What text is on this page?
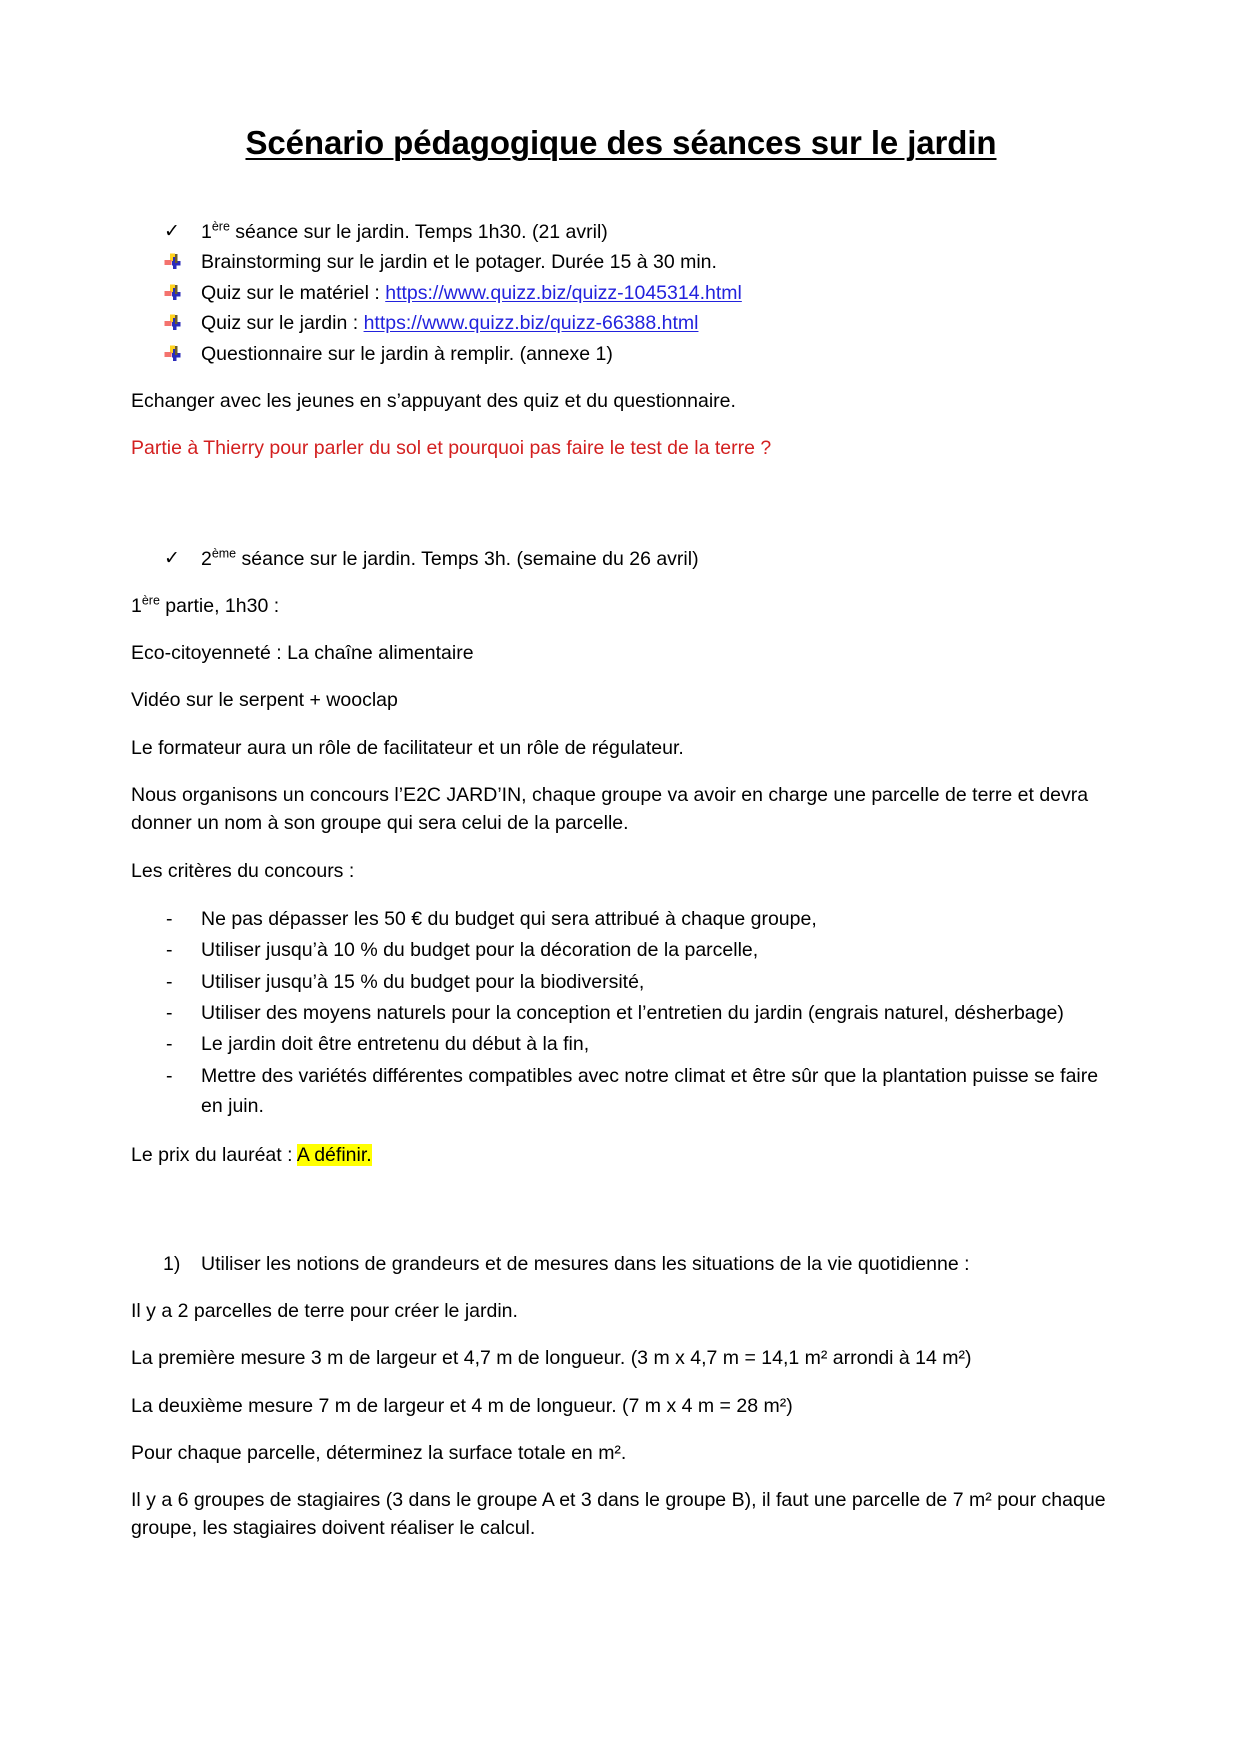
Scénario pédagogique des séances sur le jardin
✓ 1ère séance sur le jardin. Temps 1h30. (21 avril)
Brainstorming sur le jardin et le potager. Durée 15 à 30 min.
Quiz sur le matériel : https://www.quizz.biz/quizz-1045314.html
Quiz sur le jardin : https://www.quizz.biz/quizz-66388.html
Questionnaire sur le jardin à remplir. (annexe 1)

Echanger avec les jeunes en s’appuyant des quiz et du questionnaire.

Partie à Thierry pour parler du sol et pourquoi pas faire le test de la terre ?

✓ 2ème séance sur le jardin. Temps 3h. (semaine du 26 avril)

1ère partie, 1h30 :

Eco-citoyenneté : La chaîne alimentaire

Vidéo sur le serpent + wooclap

Le formateur aura un rôle de facilitateur et un rôle de régulateur.

Nous organisons un concours l’E2C JARD’IN, chaque groupe va avoir en charge une parcelle de terre et devra donner un nom à son groupe qui sera celui de la parcelle.

Les critères du concours :

- Ne pas dépasser les 50 € du budget qui sera attribué à chaque groupe,
- Utiliser jusqu’à 10 % du budget pour la décoration de la parcelle,
- Utiliser jusqu’à 15 % du budget pour la biodiversité,
- Utiliser des moyens naturels pour la conception et l’entretien du jardin (engrais naturel, désherbage)
- Le jardin doit être entretenu du début à la fin,
- Mettre des variétés différentes compatibles avec notre climat et être sûr que la plantation puisse se faire en juin.

Le prix du lauréat : A définir.

1) Utiliser les notions de grandeurs et de mesures dans les situations de la vie quotidienne :

Il y a 2 parcelles de terre pour créer le jardin.

La première mesure 3 m de largeur et 4,7 m de longueur. (3 m x 4,7 m = 14,1 m² arrondi à 14 m²)

La deuxième mesure 7 m de largeur et 4 m de longueur. (7 m x 4 m = 28 m²)

Pour chaque parcelle, déterminez la surface totale en m².

Il y a 6 groupes de stagiaires (3 dans le groupe A et 3 dans le groupe B), il faut une parcelle de 7 m² pour chaque groupe, les stagiaires doivent réaliser le calcul.
